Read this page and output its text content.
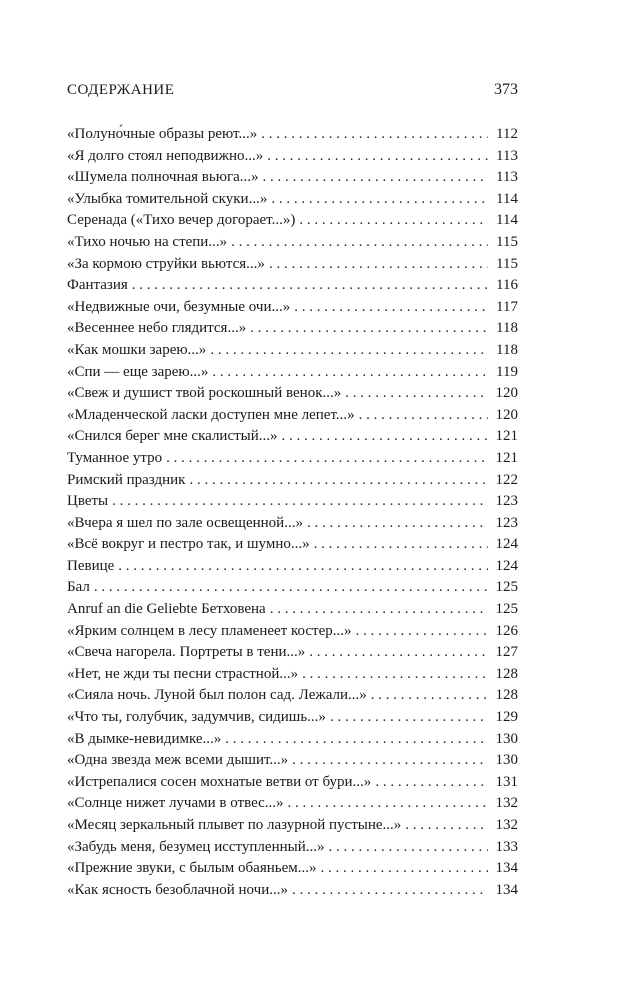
СОДЕРЖАНИЕ	373
«Полуно́чные образы реют...» . . .	112
«Я долго стоял неподвижно...» . . .	113
«Шумела полночная вьюга...» . . .	113
«Улыбка томительной скуки...» . . .	114
Серенада («Тихо вечер догорает...») . . .	114
«Тихо ночью на степи...» . . .	115
«За кормою струйки вьются...» . . .	115
Фантазия . . .	116
«Недвижные очи, безумные очи...» . . .	117
«Весеннее небо глядится...» . . .	118
«Как мошки зарею...» . . .	118
«Спи — еще зарею...» . . .	119
«Свеж и душист твой роскошный венок...» . . .	120
«Младенческой ласки доступен мне лепет...» . . .	120
«Снился берег мне скалистый...» . . .	121
Туманное утро . . .	121
Римский праздник . . .	122
Цветы . . .	123
«Вчера я шел по зале освещенной...» . . .	123
«Всё вокруг и пестро так, и шумно...» . . .	124
Певице . . .	124
Бал . . .	125
Anruf an die Geliebte Бетховена . . .	125
«Ярким солнцем в лесу пламенеет костер...» . . .	126
«Свеча нагорела. Портреты в тени...» . . .	127
«Нет, не жди ты песни страстной...» . . .	128
«Сияла ночь. Луной был полон сад. Лежали...» . . .	128
«Что ты, голубчик, задумчив, сидишь...» . . .	129
«В дымке-невидимке...» . . .	130
«Одна звезда меж всеми дышит...» . . .	130
«Истрепалися сосен мохнатые ветви от бури...» . . .	131
«Солнце нижет лучами в отвес...» . . .	132
«Месяц зеркальный плывет по лазурной пустыне...» . . .	132
«Забудь меня, безумец исступленный...» . . .	133
«Прежние звуки, с былым обаяньем...» . . .	134
«Как ясность безоблачной ночи...» . . .	134
